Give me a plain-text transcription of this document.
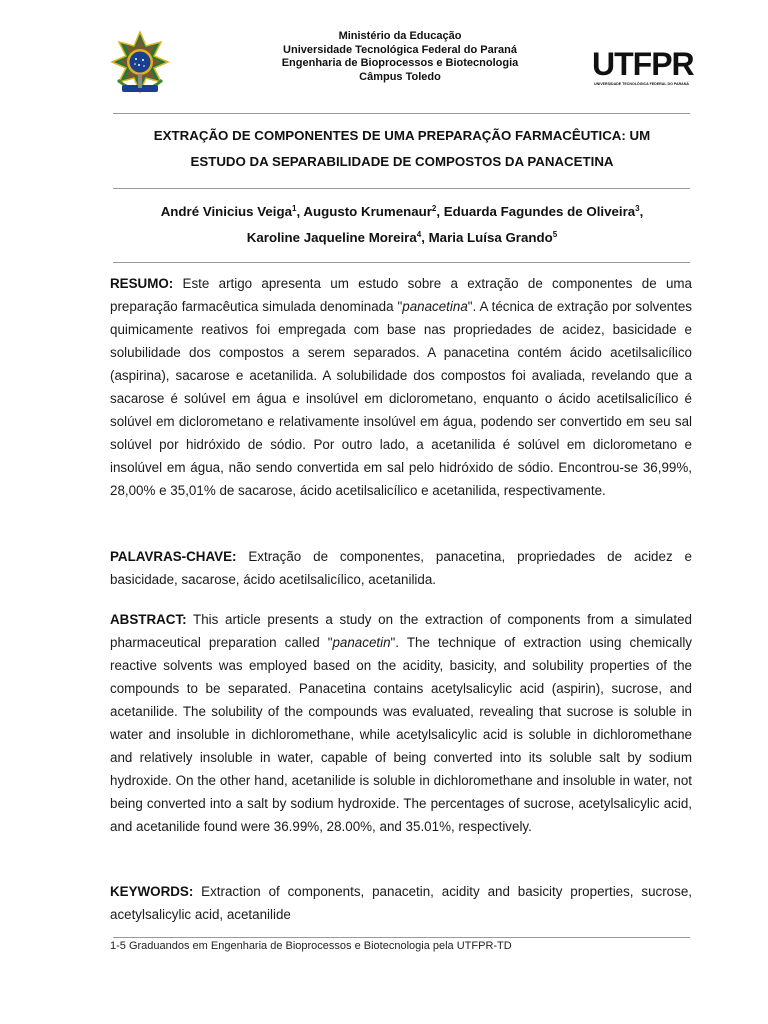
Ministério da Educação
Universidade Tecnológica Federal do Paraná
Engenharia de Bioprocessos e Biotecnologia
Câmpus Toledo	UTFPR
UNIVERSIDADE TECNOLÓGICA FEDERAL DO PARANÁ
EXTRAÇÃO DE COMPONENTES DE UMA PREPARAÇÃO FARMACÊUTICA: UM
ESTUDO DA SEPARABILIDADE DE COMPOSTOS DA PANACETINA
André Vinicius Veiga$^1$, Augusto Krumenaur$^2$, Eduarda Fagundes de Oliveira$^3$,
Karoline Jaqueline Moreira$^4$, Maria Luísa Grando$^5$

RESUMO: Este artigo apresenta um estudo sobre a extração de componentes de uma preparação farmacêutica simulada denominada "panacetina". A técnica de extração por solventes quimicamente reativos foi empregada com base nas propriedades de acidez, basicidade e solubilidade dos compostos a serem separados. A panacetina contém ácido acetilsalicílico (aspirina), sacarose e acetanilida. A solubilidade dos compostos foi avaliada, revelando que a sacarose é solúvel em água e insolúvel em diclorometano, enquanto o ácido acetilsalicílico é solúvel em diclorometano e relativamente insolúvel em água, podendo ser convertido em seu sal solúvel por hidróxido de sódio. Por outro lado, a acetanilida é solúvel em diclorometano e insolúvel em água, não sendo convertida em sal pelo hidróxido de sódio. Encontrou-se 36,99%, 28,00% e 35,01% de sacarose, ácido acetilsalicílico e acetanilida, respectivamente.

PALAVRAS-CHAVE: Extração de componentes, panacetina, propriedades de acidez e basicidade, sacarose, ácido acetilsalicílico, acetanilida.

ABSTRACT: This article presents a study on the extraction of components from a simulated pharmaceutical preparation called "panacetin". The technique of extraction using chemically reactive solvents was employed based on the acidity, basicity, and solubility properties of the compounds to be separated. Panacetina contains acetylsalicylic acid (aspirin), sucrose, and acetanilide. The solubility of the compounds was evaluated, revealing that sucrose is soluble in water and insoluble in dichloromethane, while acetylsalicylic acid is soluble in dichloromethane and relatively insoluble in water, capable of being converted into its soluble salt by sodium hydroxide. On the other hand, acetanilide is soluble in dichloromethane and insoluble in water, not being converted into a salt by sodium hydroxide. The percentages of sucrose, acetylsalicylic acid, and acetanilide found were 36.99%, 28.00%, and 35.01%, respectively.

KEYWORDS: Extraction of components, panacetin, acidity and basicity properties, sucrose, acetylsalicylic acid, acetanilide

1-5 Graduandos em Engenharia de Bioprocessos e Biotecnologia pela UTFPR-TD
